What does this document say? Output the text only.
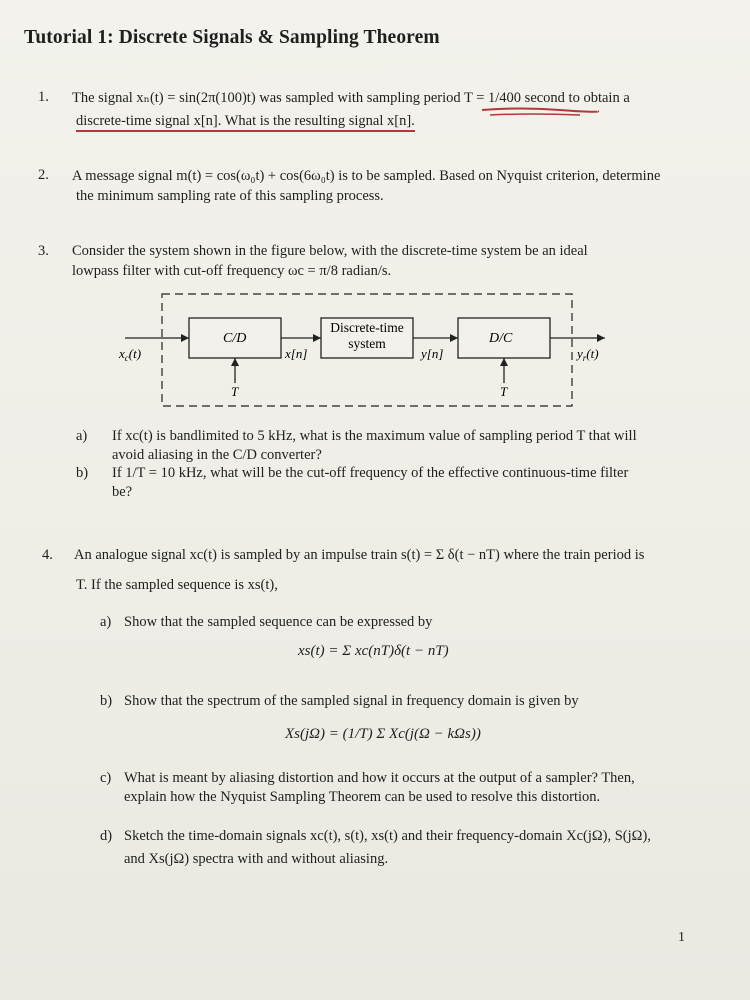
Tutorial 1: Discrete Signals & Sampling Theorem
1. The signal xₙ(t) = sin(2π(100)t) was sampled with sampling period T = 1/400 second to obtain a
discrete-time signal x[n]. What is the resulting signal x[n].
2. A message signal m(t) = cos(ω₀t) + cos(6ω₀t) is to be sampled. Based on Nyquist criterion, determine
the minimum sampling rate of this sampling process.
3. Consider the system shown in the figure below, with the discrete-time system be an ideal
lowpass filter with cut-off frequency ωc = π/8 radian/s.
C/D
Discrete-time
system	D/C
$x_c(t)$	x[n]	y[n]	$y_r(t)$
T	T
a) If xc(t) is bandlimited to 5 kHz, what is the maximum value of sampling period T that will
avoid aliasing in the C/D converter?
b) If 1/T = 10 kHz, what will be the cut-off frequency of the effective continuous-time filter
be?
4. An analogue signal xc(t) is sampled by an impulse train s(t) = Σ δ(t − nT) where the train period is
T. If the sampled sequence is xs(t),
a) Show that the sampled sequence can be expressed by
xs(t) = Σ xc(nT)δ(t − nT)
b) Show that the spectrum of the sampled signal in frequency domain is given by
Xs(jΩ) = (1/T) Σ Xc(j(Ω − kΩs))
c) What is meant by aliasing distortion and how it occurs at the output of a sampler? Then,
explain how the Nyquist Sampling Theorem can be used to resolve this distortion.
d) Sketch the time-domain signals xc(t), s(t), xs(t) and their frequency-domain Xc(jΩ), S(jΩ),
and Xs(jΩ) spectra with and without aliasing.
1
